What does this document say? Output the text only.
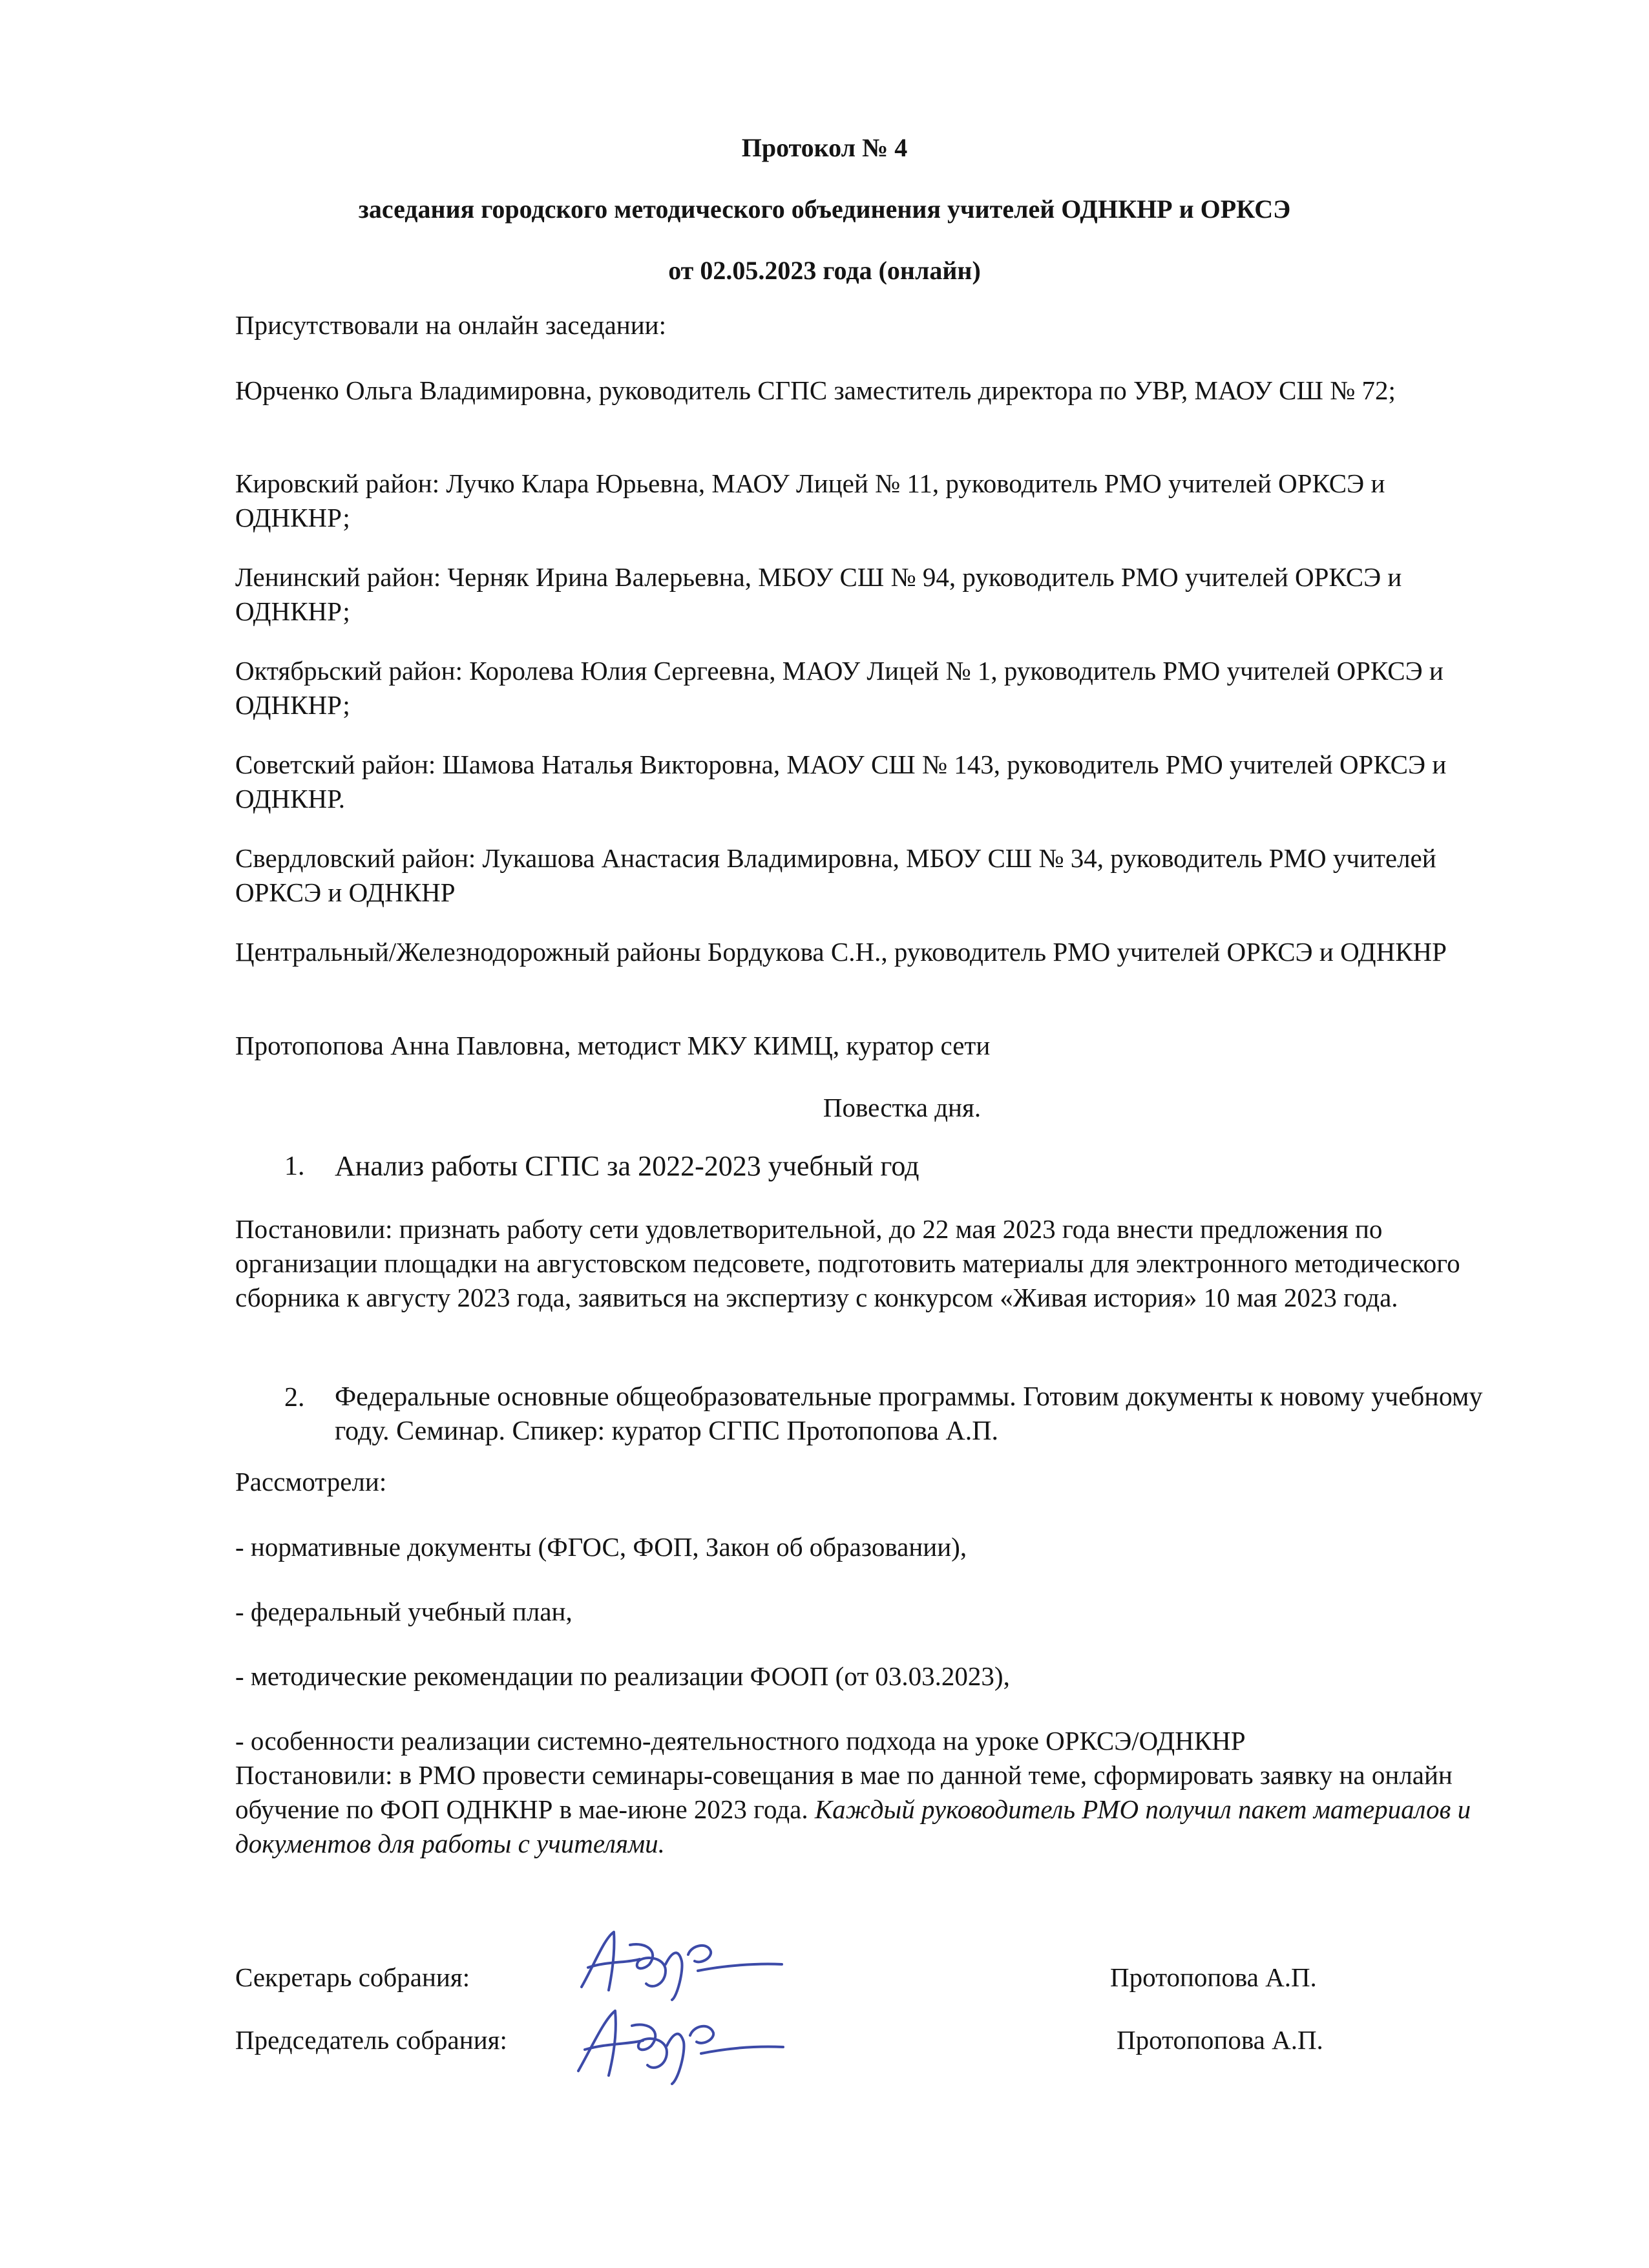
Протокол № 4
заседания городского методического объединения учителей ОДНКНР и ОРКСЭ
от 02.05.2023 года (онлайн)
Присутствовали на онлайн заседании:
Юрченко Ольга Владимировна, руководитель СГПС заместитель директора по УВР, МАОУ СШ № 72;
Кировский район: Лучко Клара Юрьевна, МАОУ Лицей № 11, руководитель РМО учителей ОРКСЭ и ОДНКНР;
Ленинский район: Черняк Ирина Валерьевна, МБОУ СШ № 94, руководитель РМО учителей ОРКСЭ и ОДНКНР;
Октябрьский район: Королева Юлия Сергеевна, МАОУ Лицей № 1, руководитель РМО учителей ОРКСЭ и ОДНКНР;
Советский район: Шамова Наталья Викторовна, МАОУ СШ № 143, руководитель РМО учителей ОРКСЭ и ОДНКНР.
Свердловский район: Лукашова Анастасия Владимировна, МБОУ СШ № 34, руководитель РМО учителей ОРКСЭ и ОДНКНР
Центральный/Железнодорожный районы Бордукова С.Н., руководитель РМО учителей ОРКСЭ и ОДНКНР
Протопопова Анна Павловна, методист МКУ КИМЦ, куратор сети
Повестка дня.
1. Анализ работы СГПС за 2022-2023 учебный год
Постановили: признать работу сети удовлетворительной, до 22 мая 2023 года внести предложения по организации площадки на августовском педсовете, подготовить материалы для электронного методического сборника к августу 2023 года, заявиться на экспертизу с конкурсом «Живая история» 10 мая 2023 года.
2. Федеральные основные общеобразовательные программы. Готовим документы к новому учебному году. Семинар. Спикер: куратор СГПС Протопопова А.П.
Рассмотрели:
- нормативные документы (ФГОС, ФОП, Закон об образовании),
- федеральный учебный план,
- методические рекомендации по реализации ФООП (от 03.03.2023),
- особенности реализации системно-деятельностного подхода на уроке ОРКСЭ/ОДНКНР
Постановили: в РМО провести семинары-совещания в мае по данной теме, сформировать заявку на онлайн обучение по ФОП ОДНКНР в мае-июне 2023 года. Каждый руководитель РМО получил пакет материалов и документов для работы с учителями.
Секретарь собрания:	Протопопова А.П.
Председатель собрания:	Протопопова А.П.
